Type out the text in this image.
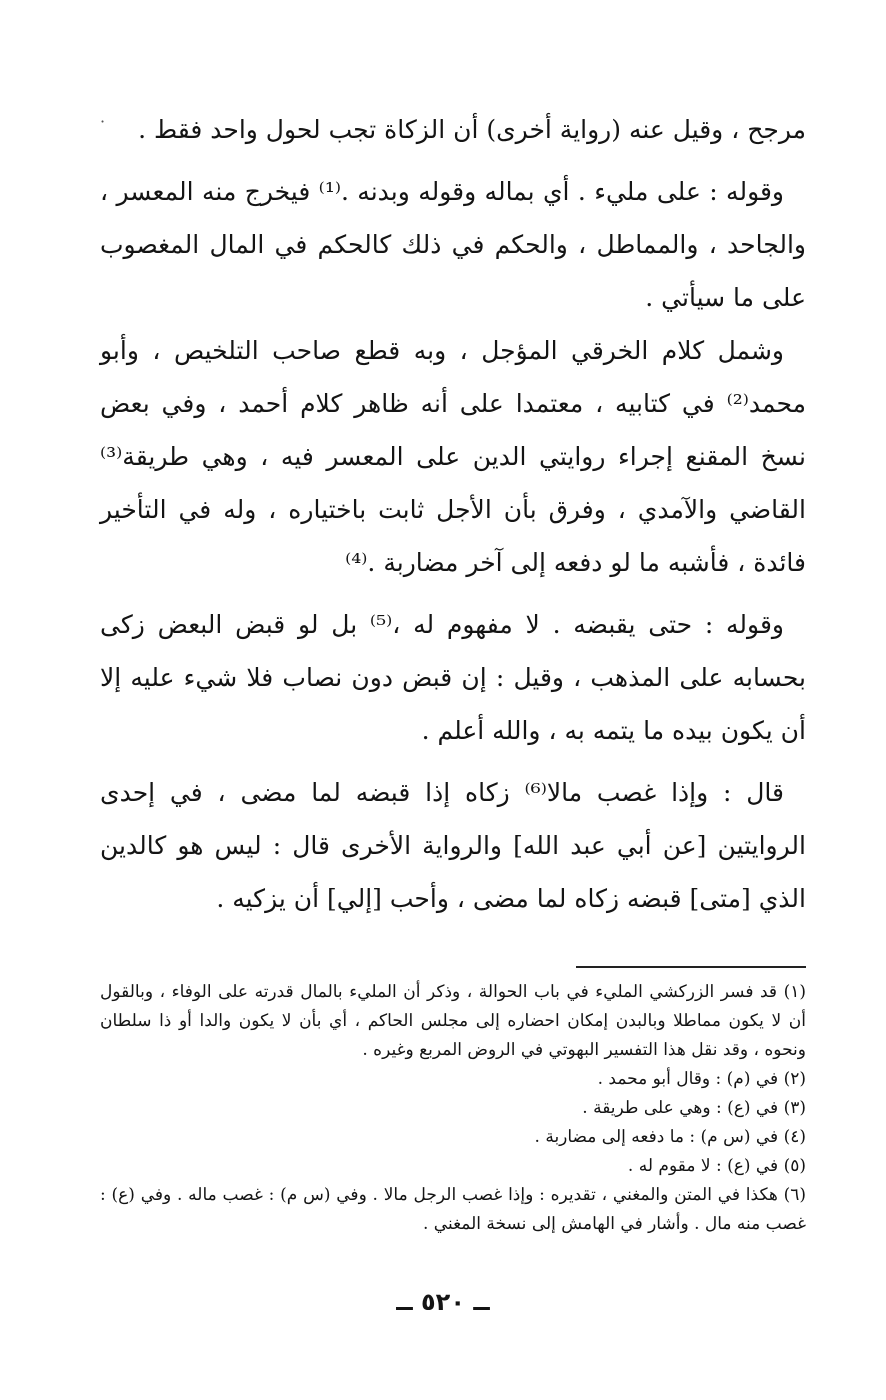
·	مرجح ، وقيل عنه (رواية أخرى) أن الزكاة تجب لحول واحد فقط .

وقوله : على مليء . أي بماله وقوله وبدنه .⁽¹⁾ فيخرج منه المعسر ، والجاحد ، والمماطل ، والحكم في ذلك كالحكم في المال المغصوب على ما سيأتي .

وشمل كلام الخرقي المؤجل ، وبه قطع صاحب التلخيص ، وأبو محمد⁽²⁾ في كتابيه ، معتمدا على أنه ظاهر كلام أحمد ، وفي بعض نسخ المقنع إجراء روايتي الدين على المعسر فيه ، وهي طريقة⁽³⁾ القاضي والآمدي ، وفرق بأن الأجل ثابت باختياره ، وله في التأخير فائدة ، فأشبه ما لو دفعه إلى آخر مضاربة .⁽⁴⁾

وقوله : حتى يقبضه . لا مفهوم له ،⁽⁵⁾ بل لو قبض البعض زكى بحسابه على المذهب ، وقيل : إن قبض دون نصاب فلا شيء عليه إلا أن يكون بيده ما يتمه به ، والله أعلم .

قال : وإذا غصب مالا⁽⁶⁾ زكاه إذا قبضه لما مضى ، في إحدى الروايتين [عن أبي عبد الله] والرواية الأخرى قال : ليس هو كالدين الذي [متى] قبضه زكاه لما مضى ، وأحب [إلي] أن يزكيه .

(١) قد فسر الزركشي المليء في باب الحوالة ، وذكر أن المليء بالمال قدرته على الوفاء ، وبالقول أن لا يكون مماطلا وبالبدن إمكان احضاره إلى مجلس الحاكم ، أي بأن لا يكون والدا أو ذا سلطان ونحوه ، وقد نقل هذا التفسير البهوتي في الروض المربع وغيره .

(٢) في (م) : وقال أبو محمد .

(٣) في (ع) : وهي على طريقة .

(٤) في (س م) : ما دفعه إلى مضاربة .

(٥) في (ع) : لا مقوم له .

(٦) هكذا في المتن والمغني ، تقديره : وإذا غصب الرجل مالا . وفي (س م) : غصب ماله . وفي (ع) : غصب منه مال . وأشار في الهامش إلى نسخة المغني .

ــ ٥٢٠ ــ
